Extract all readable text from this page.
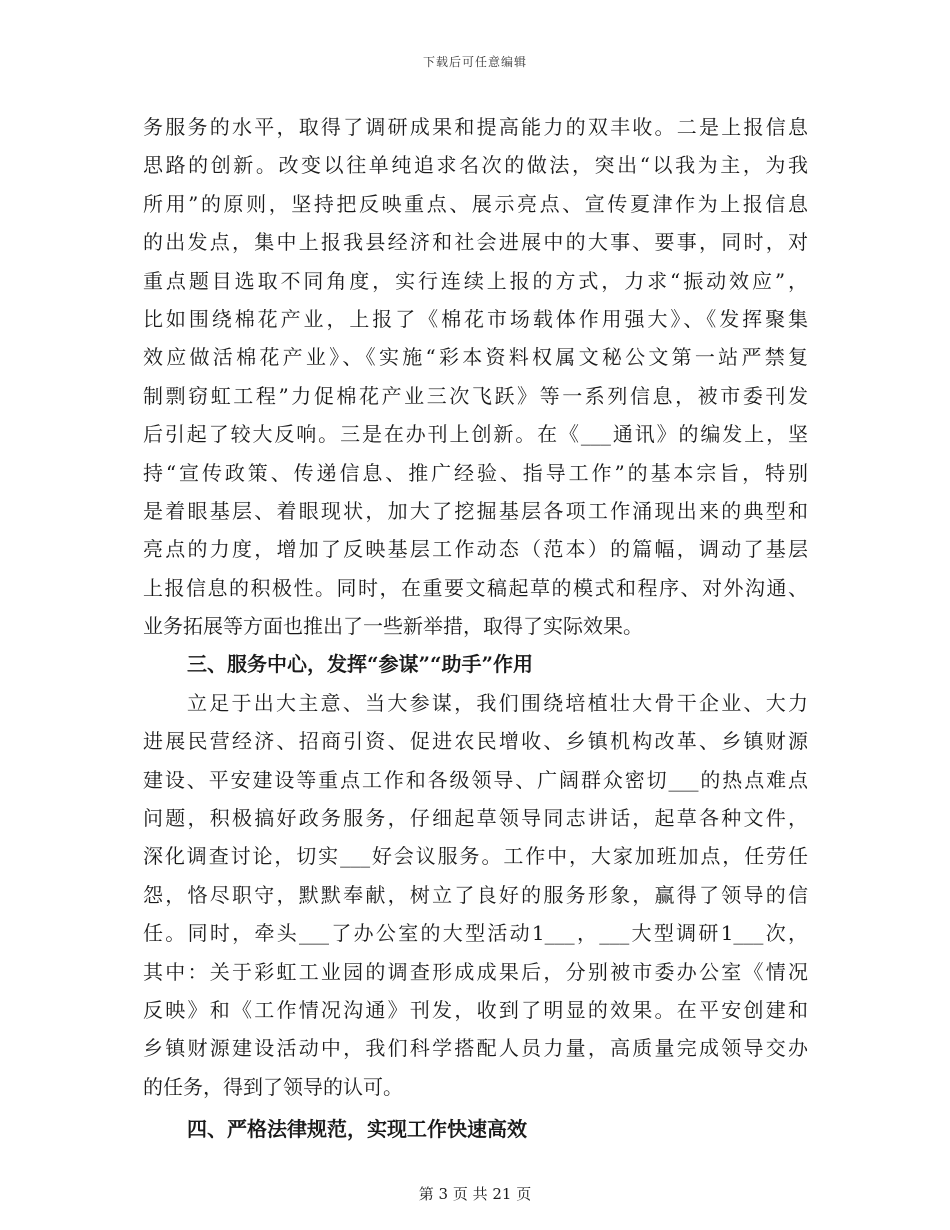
下载后可任意编辑
务服务的水平，取得了调研成果和提高能力的双丰收。二是上报信息
思路的创新。改变以往单纯追求名次的做法，突出“以我为主，为我
所用”的原则，坚持把反映重点、展示亮点、宣传夏津作为上报信息
的出发点，集中上报我县经济和社会进展中的大事、要事，同时，对
重点题目选取不同角度，实行连续上报的方式，力求“振动效应”，
比如围绕棉花产业，上报了《棉花市场载体作用强大》、《发挥聚集
效应做活棉花产业》、《实施“彩本资料权属文秘公文第一站严禁复
制剽窃虹工程”力促棉花产业三次飞跃》等一系列信息，被市委刊发
后引起了较大反响。三是在办刊上创新。在《___通讯》的编发上，坚
持“宣传政策、传递信息、推广经验、指导工作”的基本宗旨，特别
是着眼基层、着眼现状，加大了挖掘基层各项工作涌现出来的典型和
亮点的力度，增加了反映基层工作动态（范本）的篇幅，调动了基层
上报信息的积极性。同时，在重要文稿起草的模式和程序、对外沟通、
业务拓展等方面也推出了一些新举措，取得了实际效果。
三、服务中心，发挥“参谋”“助手”作用
立足于出大主意、当大参谋，我们围绕培植壮大骨干企业、大力
进展民营经济、招商引资、促进农民增收、乡镇机构改革、乡镇财源
建设、平安建设等重点工作和各级领导、广阔群众密切___的热点难点
问题，积极搞好政务服务，仔细起草领导同志讲话，起草各种文件，
深化调查讨论，切实___好会议服务。工作中，大家加班加点，任劳任
怨，恪尽职守，默默奉献，树立了良好的服务形象，赢得了领导的信
任。同时，牵头___了办公室的大型活动1___，___大型调研1___次，
其中：关于彩虹工业园的调查形成成果后，分别被市委办公室《情况
反映》和《工作情况沟通》刊发，收到了明显的效果。在平安创建和
乡镇财源建设活动中，我们科学搭配人员力量，高质量完成领导交办
的任务，得到了领导的认可。
四、严格法律规范，实现工作快速高效
第 3 页 共 21 页
